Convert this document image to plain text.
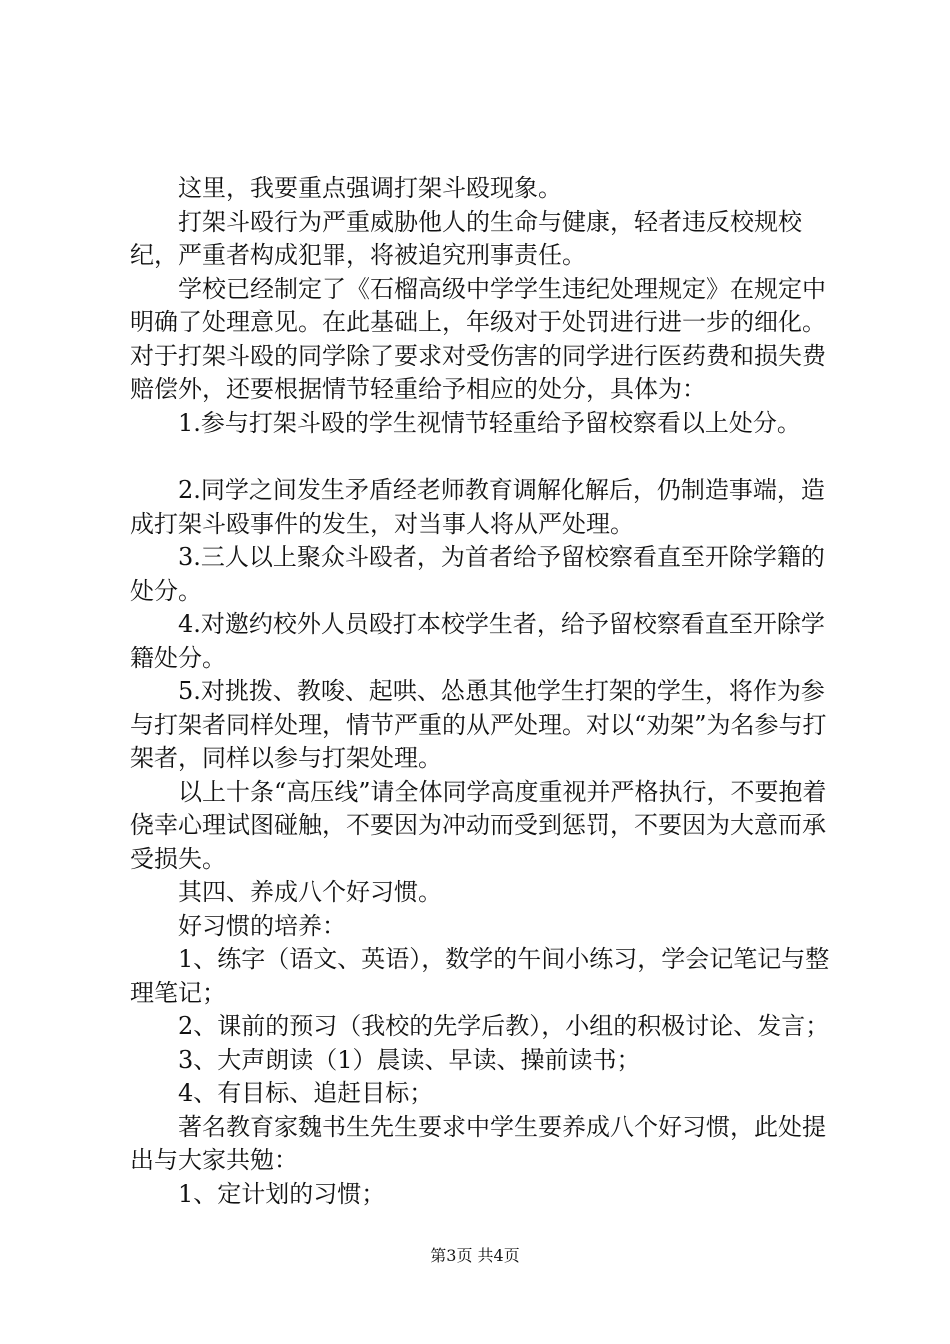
这里，我要重点强调打架斗殴现象。

打架斗殴行为严重威胁他人的生命与健康，轻者违反校规校纪，严重者构成犯罪，将被追究刑事责任。

学校已经制定了《石榴高级中学学生违纪处理规定》在规定中明确了处理意见。在此基础上，年级对于处罚进行进一步的细化。对于打架斗殴的同学除了要求对受伤害的同学进行医药费和损失费赔偿外，还要根据情节轻重给予相应的处分，具体为：

1.参与打架斗殴的学生视情节轻重给予留校察看以上处分。

2.同学之间发生矛盾经老师教育调解化解后，仍制造事端，造成打架斗殴事件的发生，对当事人将从严处理。

3.三人以上聚众斗殴者，为首者给予留校察看直至开除学籍的处分。

4.对邀约校外人员殴打本校学生者，给予留校察看直至开除学籍处分。

5.对挑拨、教唆、起哄、怂恿其他学生打架的学生，将作为参与打架者同样处理，情节严重的从严处理。对以“劝架”为名参与打架者，同样以参与打架处理。

以上十条“高压线”请全体同学高度重视并严格执行，不要抱着侥幸心理试图碰触，不要因为冲动而受到惩罚，不要因为大意而承受损失。

其四、养成八个好习惯。

好习惯的培养：

1、练字（语文、英语），数学的午间小练习，学会记笔记与整理笔记；

2、课前的预习（我校的先学后教），小组的积极讨论、发言；

3、大声朗读（1）晨读、早读、操前读书；

4、有目标、追赶目标；

著名教育家魏书生先生要求中学生要养成八个好习惯，此处提出与大家共勉：

1、定计划的习惯；

第3页 共4页
